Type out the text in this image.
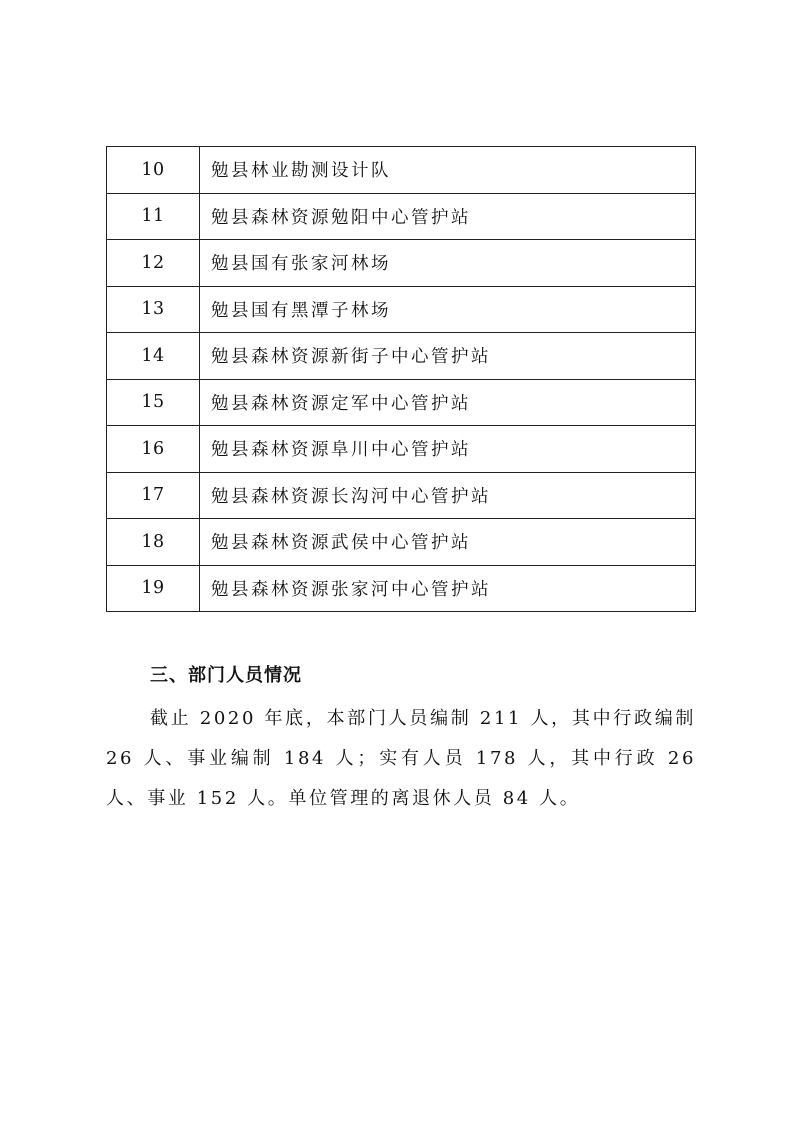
10	勉县林业勘测设计队
11	勉县森林资源勉阳中心管护站
12	勉县国有张家河林场
13	勉县国有黑潭子林场
14	勉县森林资源新街子中心管护站
15	勉县森林资源定军中心管护站
16	勉县森林资源阜川中心管护站
17	勉县森林资源长沟河中心管护站
18	勉县森林资源武侯中心管护站
19	勉县森林资源张家河中心管护站
三、部门人员情况

截止 2020 年底，本部门人员编制 211 人，其中行政编制 26 人、事业编制 184 人；实有人员 178 人，其中行政 26 人、事业 152 人。单位管理的离退休人员 84 人。
